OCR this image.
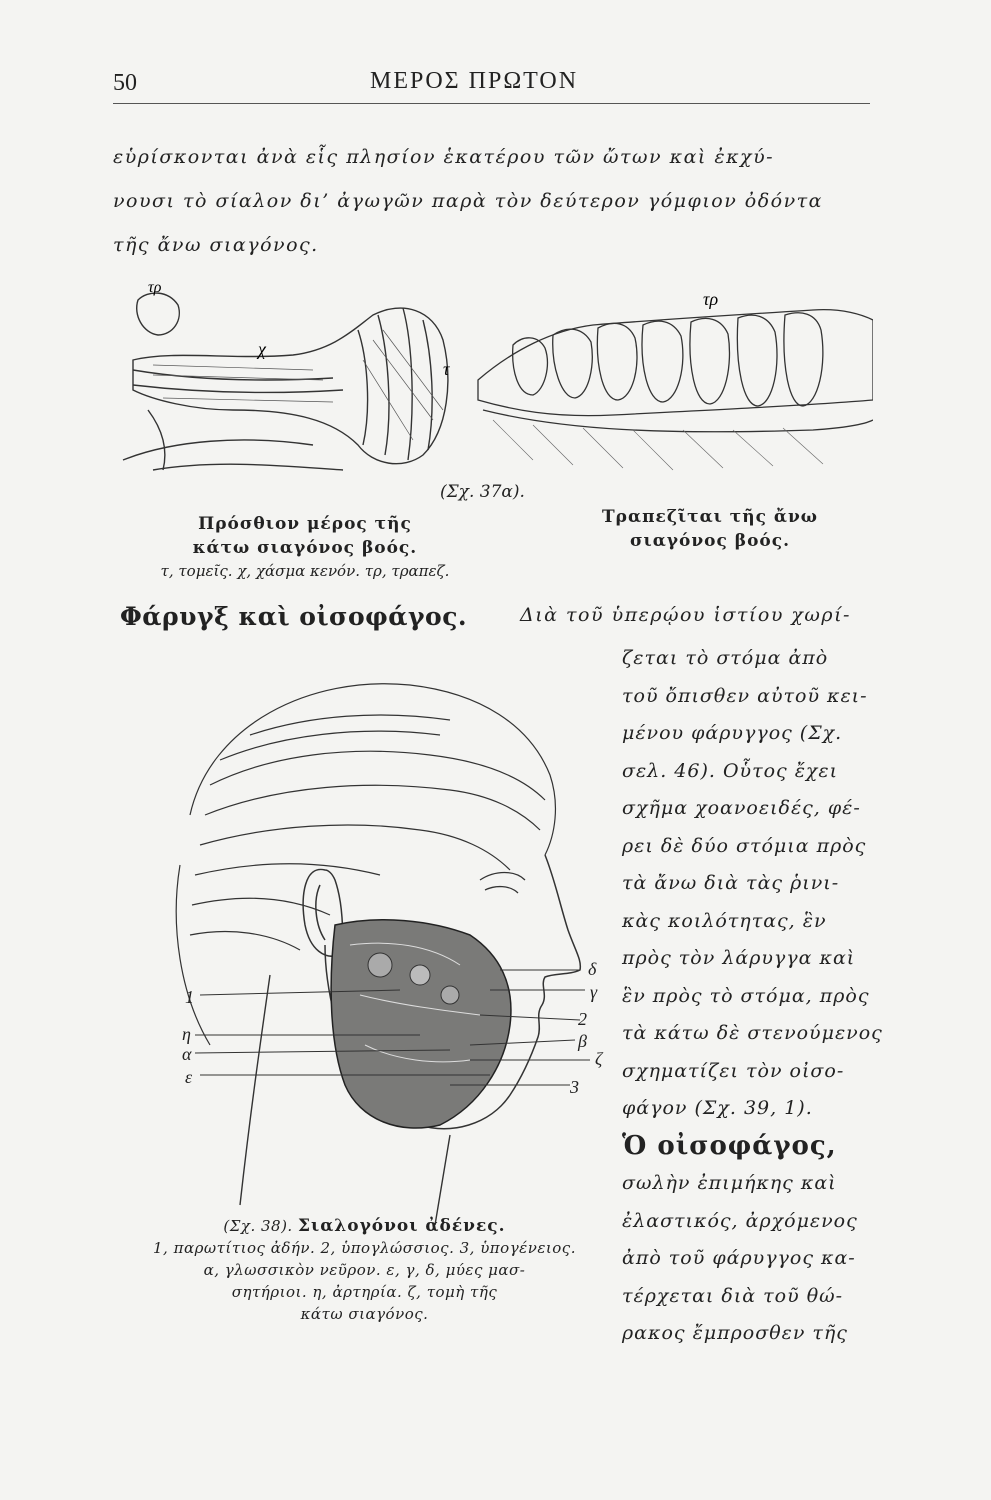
50	ΜΕΡΟΣ ΠΡΩΤΟΝ
εὑρίσκονται ἀνὰ εἷς πλησίον ἑκατέρου τῶν ὤτων καὶ ἐκχύ-
νουσι τὸ σίαλον δι’ ἀγωγῶν παρὰ τὸν δεύτερον γόμφιον ὀδόντα
τῆς ἄνω σιαγόνος.
τρ
χ
τ
τρ
(Σχ. 37α).
Πρόσθιον μέρος τῆς
κάτω σιαγόνος βοός.
τ, τομεῖς. χ, χάσμα κενόν. τρ, τραπεζ.
Τραπεζῖται τῆς ἄνω
σιαγόνος βοός.
Φάρυγξ καὶ οἰσοφάγος.	Διὰ τοῦ ὑπερῴου ἱστίου χωρί-
1
η
α
ε
δ
γ
2
β
ζ
3
ζεται τὸ στόμα ἀπὸ
τοῦ ὄπισθεν αὐτοῦ κει-
μένου φάρυγγος (Σχ.
σελ. 46). Οὗτος ἔχει
σχῆμα χοανοειδές, φέ-
ρει δὲ δύο στόμια πρὸς
τὰ ἄνω διὰ τὰς ῥινι-
κὰς κοιλότητας, ἓν
πρὸς τὸν λάρυγγα καὶ
ἓν πρὸς τὸ στόμα, πρὸς
τὰ κάτω δὲ στενούμενος
σχηματίζει τὸν οἰσο-
φάγον (Σχ. 39, 1).
Ὁ οἰσοφάγος,
σωλὴν ἐπιμήκης καὶ
ἐλαστικός, ἀρχόμενος
ἀπὸ τοῦ φάρυγγος κα-
τέρχεται διὰ τοῦ θώ-
ρακος ἔμπροσθεν τῆς
(Σχ. 38). Σιαλογόνοι ἀδένες.
1, παρωτίτιος ἀδήν. 2, ὑπογλώσσιος. 3, ὑπογένειος.
α, γλωσσικὸν νεῦρον. ε, γ, δ, μύες μασ-
σητήριοι. η, ἀρτηρία. ζ, τομὴ τῆς
κάτω σιαγόνος.
